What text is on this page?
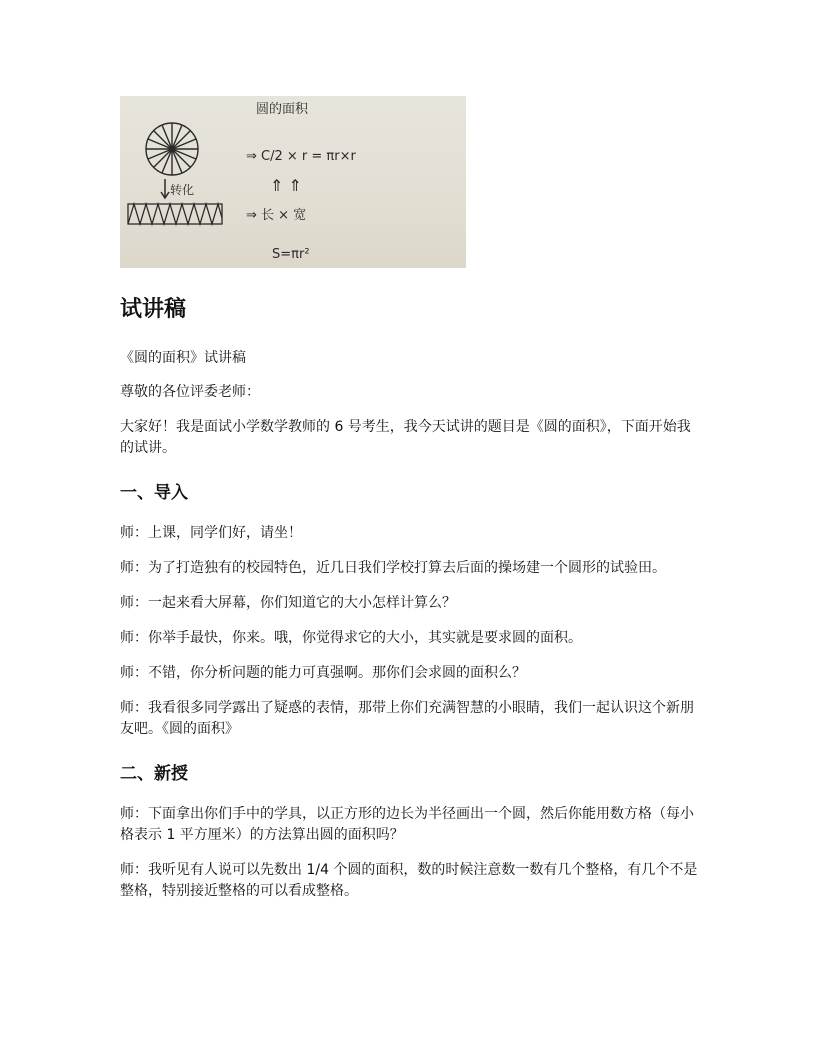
转化
圆的面积
⇒ C/2 × r = πr×r
⇑ ⇑
⇒ 长 × 宽
S=πr²
试讲稿

《圆的面积》试讲稿

尊敬的各位评委老师：

大家好！我是面试小学数学教师的 6 号考生，我今天试讲的题目是《圆的面积》，下面开始我的试讲。

一、导入

师：上课，同学们好，请坐！

师：为了打造独有的校园特色，近几日我们学校打算去后面的操场建一个圆形的试验田。

师：一起来看大屏幕，你们知道它的大小怎样计算么？

师：你举手最快，你来。哦，你觉得求它的大小，其实就是要求圆的面积。

师：不错，你分析问题的能力可真强啊。那你们会求圆的面积么？

师：我看很多同学露出了疑惑的表情，那带上你们充满智慧的小眼睛，我们一起认识这个新朋友吧。《圆的面积》

二、新授

师：下面拿出你们手中的学具，以正方形的边长为半径画出一个圆，然后你能用数方格（每小格表示 1 平方厘米）的方法算出圆的面积吗？

师：我听见有人说可以先数出 1/4 个圆的面积，数的时候注意数一数有几个整格，有几个不是整格，特别接近整格的可以看成整格。
